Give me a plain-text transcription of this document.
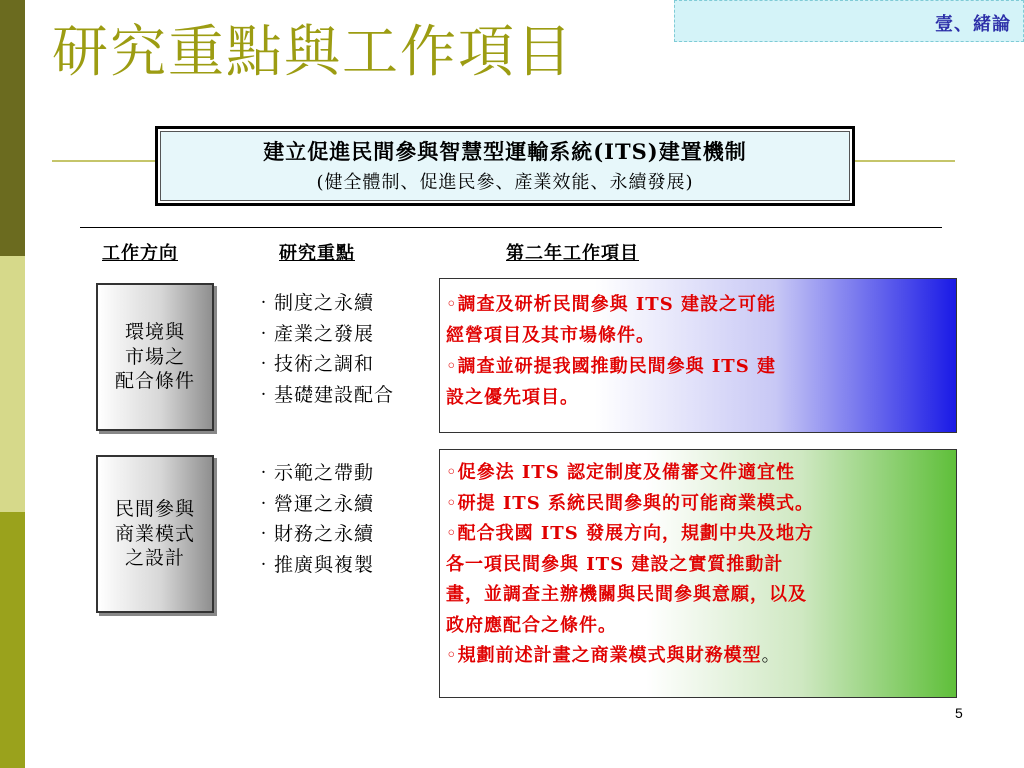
壹、緒論
研究重點與工作項目
建立促進民間參與智慧型運輸系統(ITS)建置機制
(健全體制、促進民參、產業效能、永續發展)
工作方向	研究重點	第二年工作項目
環境與
市場之
配合條件
‧制度之永續
‧產業之發展
‧技術之調和
‧基礎建設配合
◦調查及研析民間參與 ITS 建設之可能
經營項目及其市場條件。
◦調查並研提我國推動民間參與 ITS 建
設之優先項目。
民間參與
商業模式
之設計
‧示範之帶動
‧營運之永續
‧財務之永續
‧推廣與複製
◦促參法 ITS 認定制度及備審文件適宜性
◦研提 ITS 系統民間參與的可能商業模式。
◦配合我國 ITS 發展方向，規劃中央及地方
各一項民間參與 ITS 建設之實質推動計
畫，並調查主辦機關與民間參與意願，以及
政府應配合之條件。
◦規劃前述計畫之商業模式與財務模型。
5
